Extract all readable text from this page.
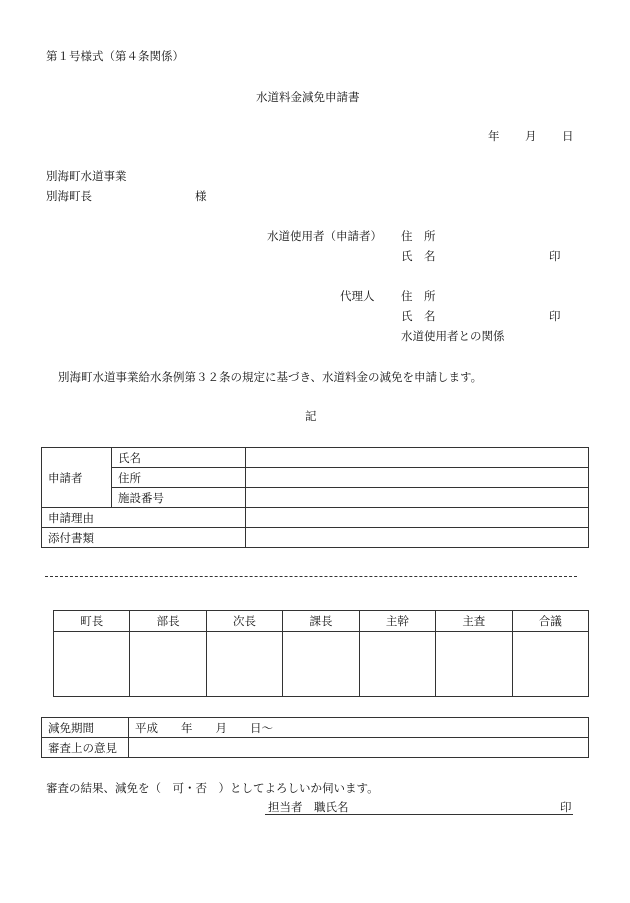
第１号様式（第４条関係）
水道料金減免申請書
年 月 日
別海町水道事業
別海町長	様
水道使用者（申請者） 住　所
氏　名	印
代理人 住　所
氏　名	印
水道使用者との関係
別海町水道事業給水条例第３２条の規定に基づき、水道料金の減免を申請します。
記
申請者	氏名	
	住所	
	施設番号	
申請理由		
添付書類		
町長	部長	次長	課長	主幹	主査	合議

減免期間	平成　　年　　月　　日～
審査上の意見	
審査の結果、減免を（　可・否　）としてよろしいか伺います。
担当者　職氏名	印
